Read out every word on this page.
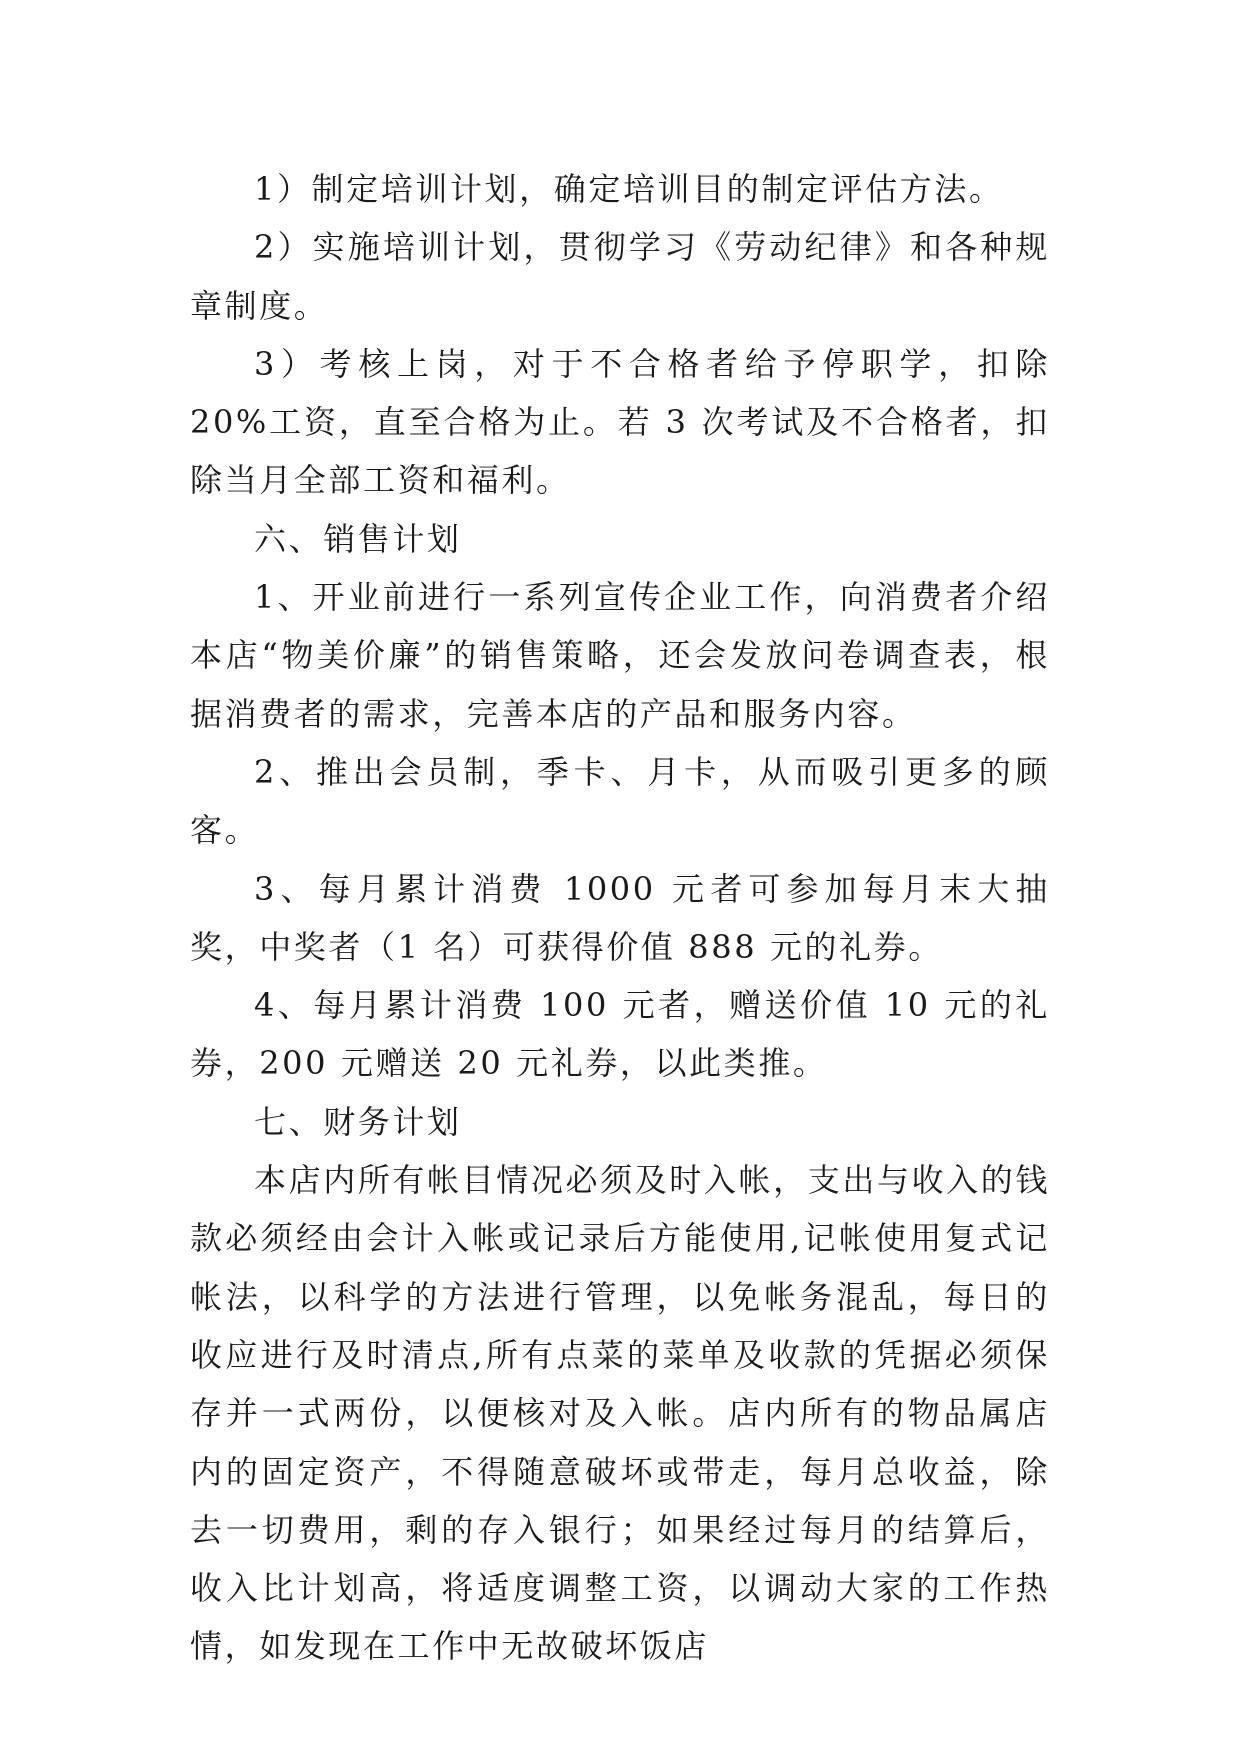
1）制定培训计划，确定培训目的制定评估方法。

2）实施培训计划，贯彻学习《劳动纪律》和各种规章制度。

3）考核上岗，对于不合格者给予停职学，扣除 20%工资，直至合格为止。若 3 次考试及不合格者，扣除当月全部工资和福利。

六、销售计划

1、开业前进行一系列宣传企业工作，向消费者介绍本店“物美价廉”的销售策略，还会发放问卷调查表，根据消费者的需求，完善本店的产品和服务内容。

2、推出会员制，季卡、月卡，从而吸引更多的顾客。

3、每月累计消费 1000 元者可参加每月末大抽奖，中奖者（1 名）可获得价值 888 元的礼券。

4、每月累计消费 100 元者，赠送价值 10 元的礼券，200 元赠送 20 元礼券，以此类推。

七、财务计划

本店内所有帐目情况必须及时入帐，支出与收入的钱款必须经由会计入帐或记录后方能使用,记帐使用复式记帐法，以科学的方法进行管理，以免帐务混乱，每日的收应进行及时清点,所有点菜的菜单及收款的凭据必须保存并一式两份，以便核对及入帐。店内所有的物品属店内的固定资产，不得随意破坏或带走，每月总收益，除去一切费用，剩的存入银行；如果经过每月的结算后，收入比计划高，将适度调整工资，以调动大家的工作热情，如发现在工作中无故破坏饭店
